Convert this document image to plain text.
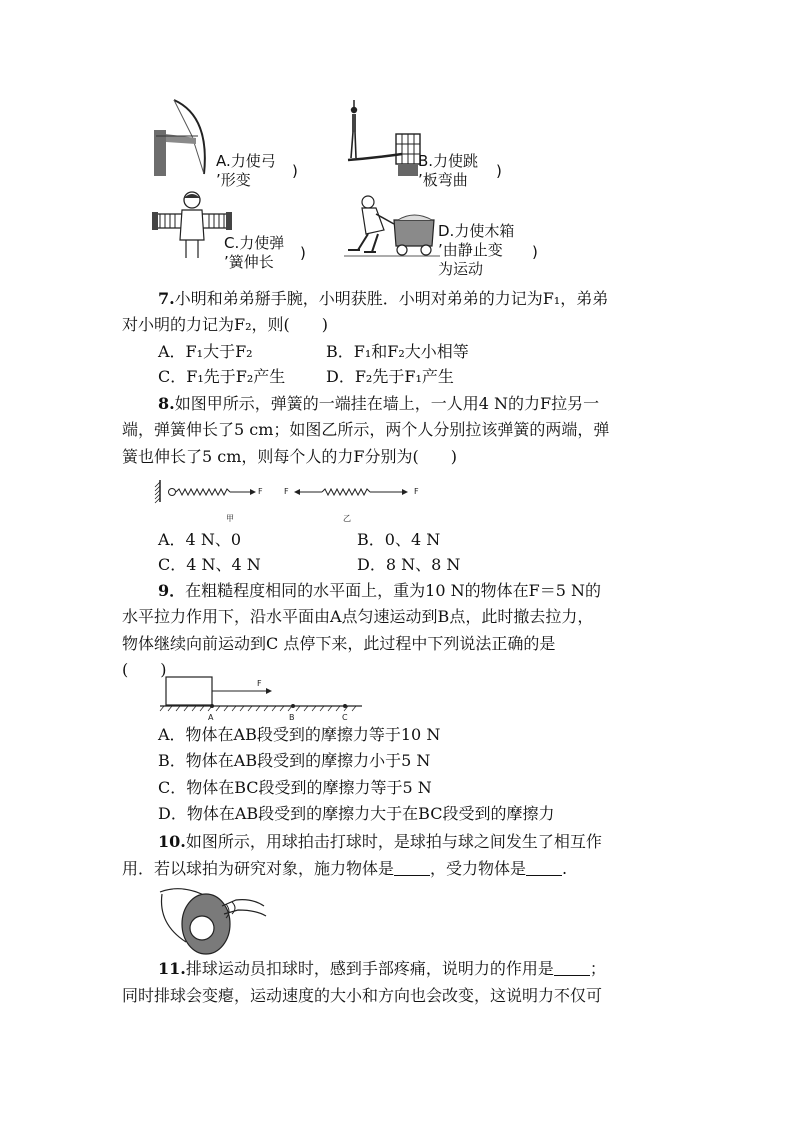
A.力使弓
’形变	)
B.力使跳
’板弯曲	)
C.力使弹
’簧伸长	)
D.力使木箱
’由静止变
为运动
)
7.小明和弟弟掰手腕，小明获胜．小明对弟弟的力记为F₁，弟弟
对小明的力记为F₂，则(　　)
A．F₁大于F₂	B．F₁和F₂大小相等
C．F₁先于F₂产生	D．F₂先于F₁产生
8.如图甲所示，弹簧的一端挂在墙上，一人用4 N的力F拉另一
端，弹簧伸长了5 cm；如图乙所示，两个人分别拉该弹簧的两端，弹
簧也伸长了5 cm，则每个人的力F分别为(　　)
F	F	F
甲	乙
A．4 N、0	B．0、4 N
C．4 N、4 N	D．8 N、8 N
9．在粗糙程度相同的水平面上，重为10 N的物体在F＝5 N的
水平拉力作用下，沿水平面由A点匀速运动到B点，此时撤去拉力，
物体继续向前运动到C 点停下来，此过程中下列说法正确的是
(　　)
F
A	B	C
A．物体在AB段受到的摩擦力等于10 N
B．物体在AB段受到的摩擦力小于5 N
C．物体在BC段受到的摩擦力等于5 N
D．物体在AB段受到的摩擦力大于在BC段受到的摩擦力
10.如图所示，用球拍击打球时，是球拍与球之间发生了相互作
用．若以球拍为研究对象，施力物体是 ，受力物体是 .
11.排球运动员扣球时，感到手部疼痛，说明力的作用是 ；
同时排球会变瘪，运动速度的大小和方向也会改变，这说明力不仅可
